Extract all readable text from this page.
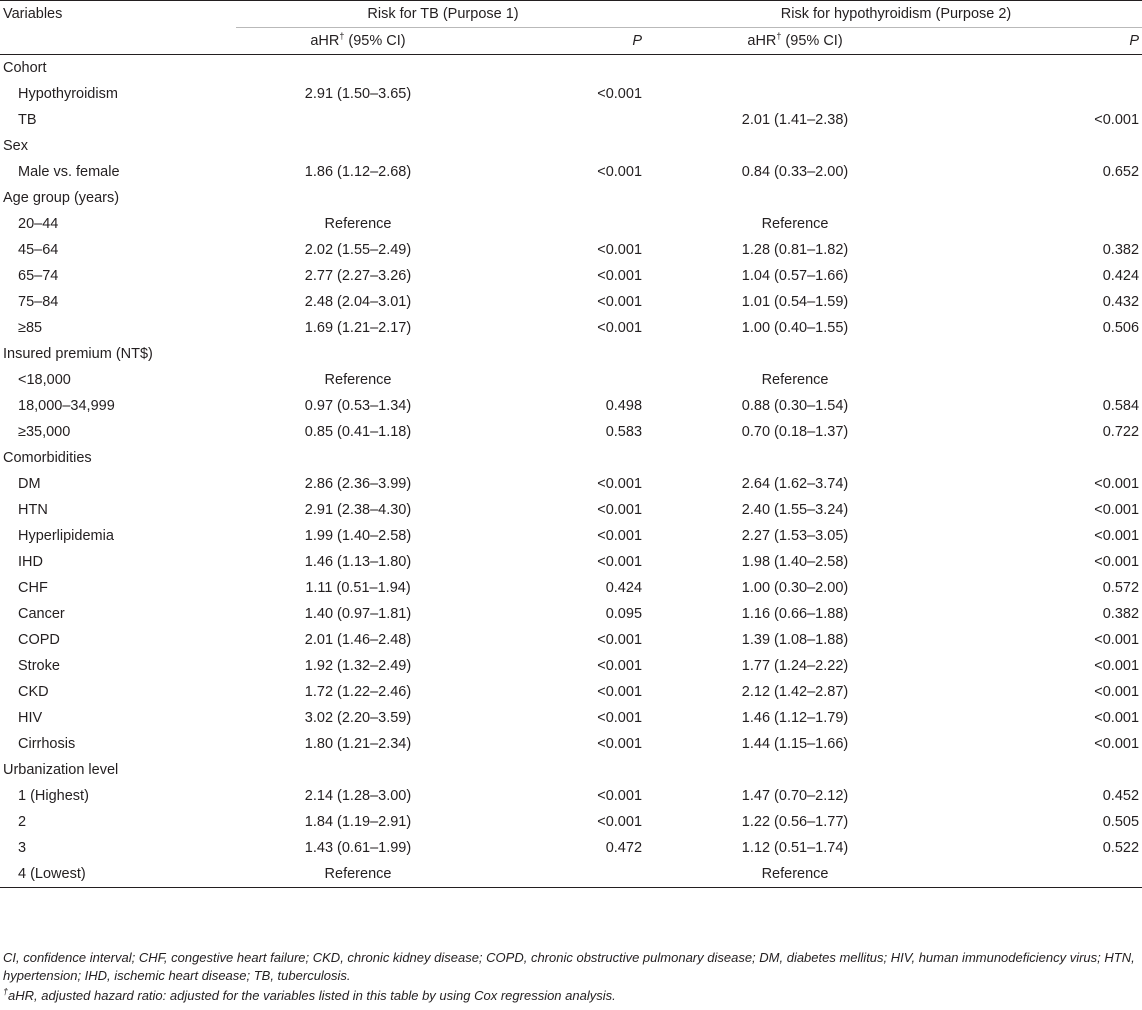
Variables	Risk for TB (Purpose 1)		Risk for hypothyroidism (Purpose 2)	
	aHR† (95% CI)	P	aHR† (95% CI)	P
Cohort				
Hypothyroidism	2.91 (1.50–3.65)	<0.001		
TB			2.01 (1.41–2.38)	<0.001
Sex				
Male vs. female	1.86 (1.12–2.68)	<0.001	0.84 (0.33–2.00)	0.652
Age group (years)				
20–44	Reference		Reference	
45–64	2.02 (1.55–2.49)	<0.001	1.28 (0.81–1.82)	0.382
65–74	2.77 (2.27–3.26)	<0.001	1.04 (0.57–1.66)	0.424
75–84	2.48 (2.04–3.01)	<0.001	1.01 (0.54–1.59)	0.432
≥85	1.69 (1.21–2.17)	<0.001	1.00 (0.40–1.55)	0.506
Insured premium (NT$)				
<18,000	Reference		Reference	
18,000–34,999	0.97 (0.53–1.34)	0.498	0.88 (0.30–1.54)	0.584
≥35,000	0.85 (0.41–1.18)	0.583	0.70 (0.18–1.37)	0.722
Comorbidities				
DM	2.86 (2.36–3.99)	<0.001	2.64 (1.62–3.74)	<0.001
HTN	2.91 (2.38–4.30)	<0.001	2.40 (1.55–3.24)	<0.001
Hyperlipidemia	1.99 (1.40–2.58)	<0.001	2.27 (1.53–3.05)	<0.001
IHD	1.46 (1.13–1.80)	<0.001	1.98 (1.40–2.58)	<0.001
CHF	1.11 (0.51–1.94)	0.424	1.00 (0.30–2.00)	0.572
Cancer	1.40 (0.97–1.81)	0.095	1.16 (0.66–1.88)	0.382
COPD	2.01 (1.46–2.48)	<0.001	1.39 (1.08–1.88)	<0.001
Stroke	1.92 (1.32–2.49)	<0.001	1.77 (1.24–2.22)	<0.001
CKD	1.72 (1.22–2.46)	<0.001	2.12 (1.42–2.87)	<0.001
HIV	3.02 (2.20–3.59)	<0.001	1.46 (1.12–1.79)	<0.001
Cirrhosis	1.80 (1.21–2.34)	<0.001	1.44 (1.15–1.66)	<0.001
Urbanization level				
1 (Highest)	2.14 (1.28–3.00)	<0.001	1.47 (0.70–2.12)	0.452
2	1.84 (1.19–2.91)	<0.001	1.22 (0.56–1.77)	0.505
3	1.43 (0.61–1.99)	0.472	1.12 (0.51–1.74)	0.522
4 (Lowest)	Reference		Reference	

CI, confidence interval; CHF, congestive heart failure; CKD, chronic kidney disease; COPD, chronic obstructive pulmonary disease; DM, diabetes mellitus; HIV, human immunodeficiency virus; HTN, hypertension; IHD, ischemic heart disease; TB, tuberculosis.

†aHR, adjusted hazard ratio: adjusted for the variables listed in this table by using Cox regression analysis.
